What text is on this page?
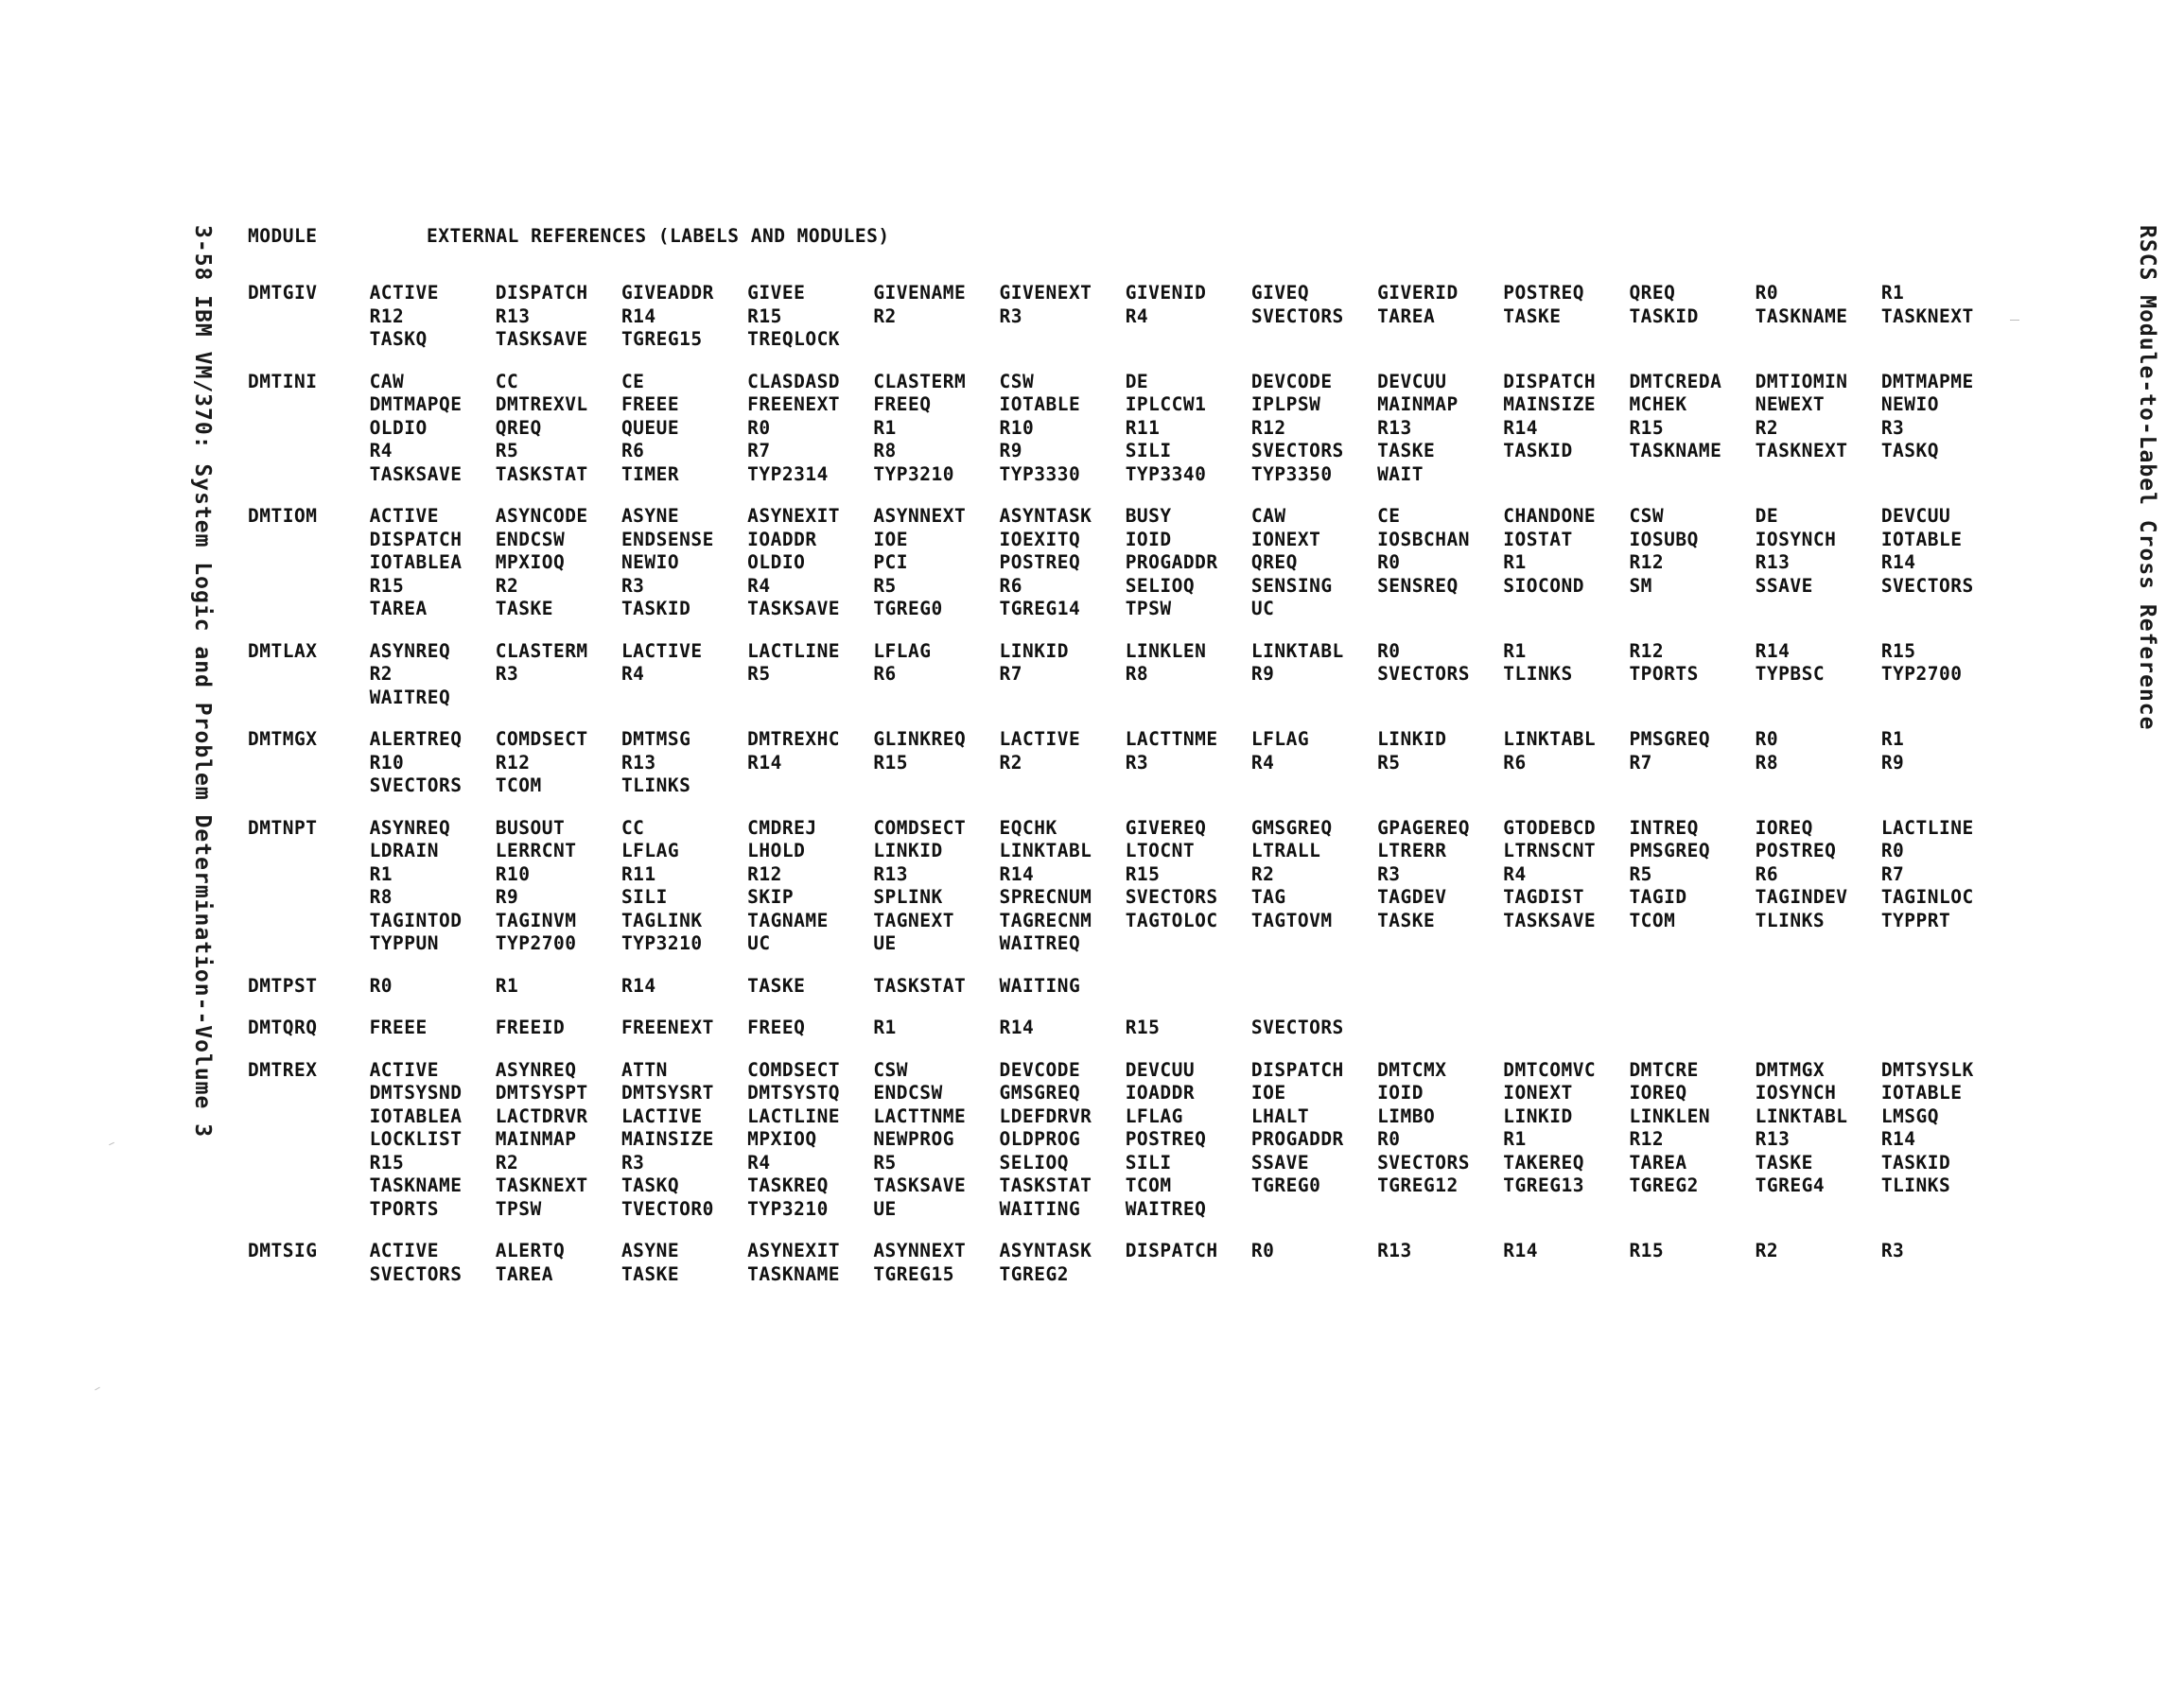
3-58 IBM VM/370: System Logic and Problem Determination--Volume 3	RSCS Module-to-Label Cross Reference
MODULE	EXTERNAL REFERENCES (LABELS AND MODULES)
DMTGIV	ACTIVE	DISPATCH	GIVEADDR	GIVEE	GIVENAME	GIVENEXT	GIVENID	GIVEQ	GIVERID	POSTREQ	QREQ	R0	R1
R12	R13	R14	R15	R2	R3	R4	SVECTORS	TAREA	TASKE	TASKID	TASKNAME	TASKNEXT
TASKQ	TASKSAVE	TGREG15	TREQLOCK
DMTINI	CAW	CC	CE	CLASDASD	CLASTERM	CSW	DE	DEVCODE	DEVCUU	DISPATCH	DMTCREDA	DMTIOMIN	DMTMAPME
DMTMAPQE	DMTREXVL	FREEE	FREENEXT	FREEQ	IOTABLE	IPLCCW1	IPLPSW	MAINMAP	MAINSIZE	MCHEK	NEWEXT	NEWIO
OLDIO	QREQ	QUEUE	R0	R1	R10	R11	R12	R13	R14	R15	R2	R3
R4	R5	R6	R7	R8	R9	SILI	SVECTORS	TASKE	TASKID	TASKNAME	TASKNEXT	TASKQ
TASKSAVE	TASKSTAT	TIMER	TYP2314	TYP3210	TYP3330	TYP3340	TYP3350	WAIT
DMTIOM	ACTIVE	ASYNCODE	ASYNE	ASYNEXIT	ASYNNEXT	ASYNTASK	BUSY	CAW	CE	CHANDONE	CSW	DE	DEVCUU
DISPATCH	ENDCSW	ENDSENSE	IOADDR	IOE	IOEXITQ	IOID	IONEXT	IOSBCHAN	IOSTAT	IOSUBQ	IOSYNCH	IOTABLE
IOTABLEA	MPXIOQ	NEWIO	OLDIO	PCI	POSTREQ	PROGADDR	QREQ	R0	R1	R12	R13	R14
R15	R2	R3	R4	R5	R6	SELIOQ	SENSING	SENSREQ	SIOCOND	SM	SSAVE	SVECTORS
TAREA	TASKE	TASKID	TASKSAVE	TGREG0	TGREG14	TPSW	UC
DMTLAX	ASYNREQ	CLASTERM	LACTIVE	LACTLINE	LFLAG	LINKID	LINKLEN	LINKTABL	R0	R1	R12	R14	R15
R2	R3	R4	R5	R6	R7	R8	R9	SVECTORS	TLINKS	TPORTS	TYPBSC	TYP2700
WAITREQ
DMTMGX	ALERTREQ	COMDSECT	DMTMSG	DMTREXHC	GLINKREQ	LACTIVE	LACTTNME	LFLAG	LINKID	LINKTABL	PMSGREQ	R0	R1
R10	R12	R13	R14	R15	R2	R3	R4	R5	R6	R7	R8	R9
SVECTORS	TCOM	TLINKS
DMTNPT	ASYNREQ	BUSOUT	CC	CMDREJ	COMDSECT	EQCHK	GIVEREQ	GMSGREQ	GPAGEREQ	GTODEBCD	INTREQ	IOREQ	LACTLINE
LDRAIN	LERRCNT	LFLAG	LHOLD	LINKID	LINKTABL	LTOCNT	LTRALL	LTRERR	LTRNSCNT	PMSGREQ	POSTREQ	R0
R1	R10	R11	R12	R13	R14	R15	R2	R3	R4	R5	R6	R7
R8	R9	SILI	SKIP	SPLINK	SPRECNUM	SVECTORS	TAG	TAGDEV	TAGDIST	TAGID	TAGINDEV	TAGINLOC
TAGINTOD	TAGINVM	TAGLINK	TAGNAME	TAGNEXT	TAGRECNM	TAGTOLOC	TAGTOVM	TASKE	TASKSAVE	TCOM	TLINKS	TYPPRT
TYPPUN	TYP2700	TYP3210	UC	UE	WAITREQ
DMTPST	R0	R1	R14	TASKE	TASKSTAT	WAITING
DMTQRQ	FREEE	FREEID	FREENEXT	FREEQ	R1	R14	R15	SVECTORS
DMTREX	ACTIVE	ASYNREQ	ATTN	COMDSECT	CSW	DEVCODE	DEVCUU	DISPATCH	DMTCMX	DMTCOMVC	DMTCRE	DMTMGX	DMTSYSLK
DMTSYSND	DMTSYSPT	DMTSYSRT	DMTSYSTQ	ENDCSW	GMSGREQ	IOADDR	IOE	IOID	IONEXT	IOREQ	IOSYNCH	IOTABLE
IOTABLEA	LACTDRVR	LACTIVE	LACTLINE	LACTTNME	LDEFDRVR	LFLAG	LHALT	LIMBO	LINKID	LINKLEN	LINKTABL	LMSGQ
LOCKLIST	MAINMAP	MAINSIZE	MPXIOQ	NEWPROG	OLDPROG	POSTREQ	PROGADDR	R0	R1	R12	R13	R14
R15	R2	R3	R4	R5	SELIOQ	SILI	SSAVE	SVECTORS	TAKEREQ	TAREA	TASKE	TASKID
TASKNAME	TASKNEXT	TASKQ	TASKREQ	TASKSAVE	TASKSTAT	TCOM	TGREG0	TGREG12	TGREG13	TGREG2	TGREG4	TLINKS
TPORTS	TPSW	TVECTOR0	TYP3210	UE	WAITING	WAITREQ
DMTSIG	ACTIVE	ALERTQ	ASYNE	ASYNEXIT	ASYNNEXT	ASYNTASK	DISPATCH	R0	R13	R14	R15	R2	R3
SVECTORS	TAREA	TASKE	TASKNAME	TGREG15	TGREG2
